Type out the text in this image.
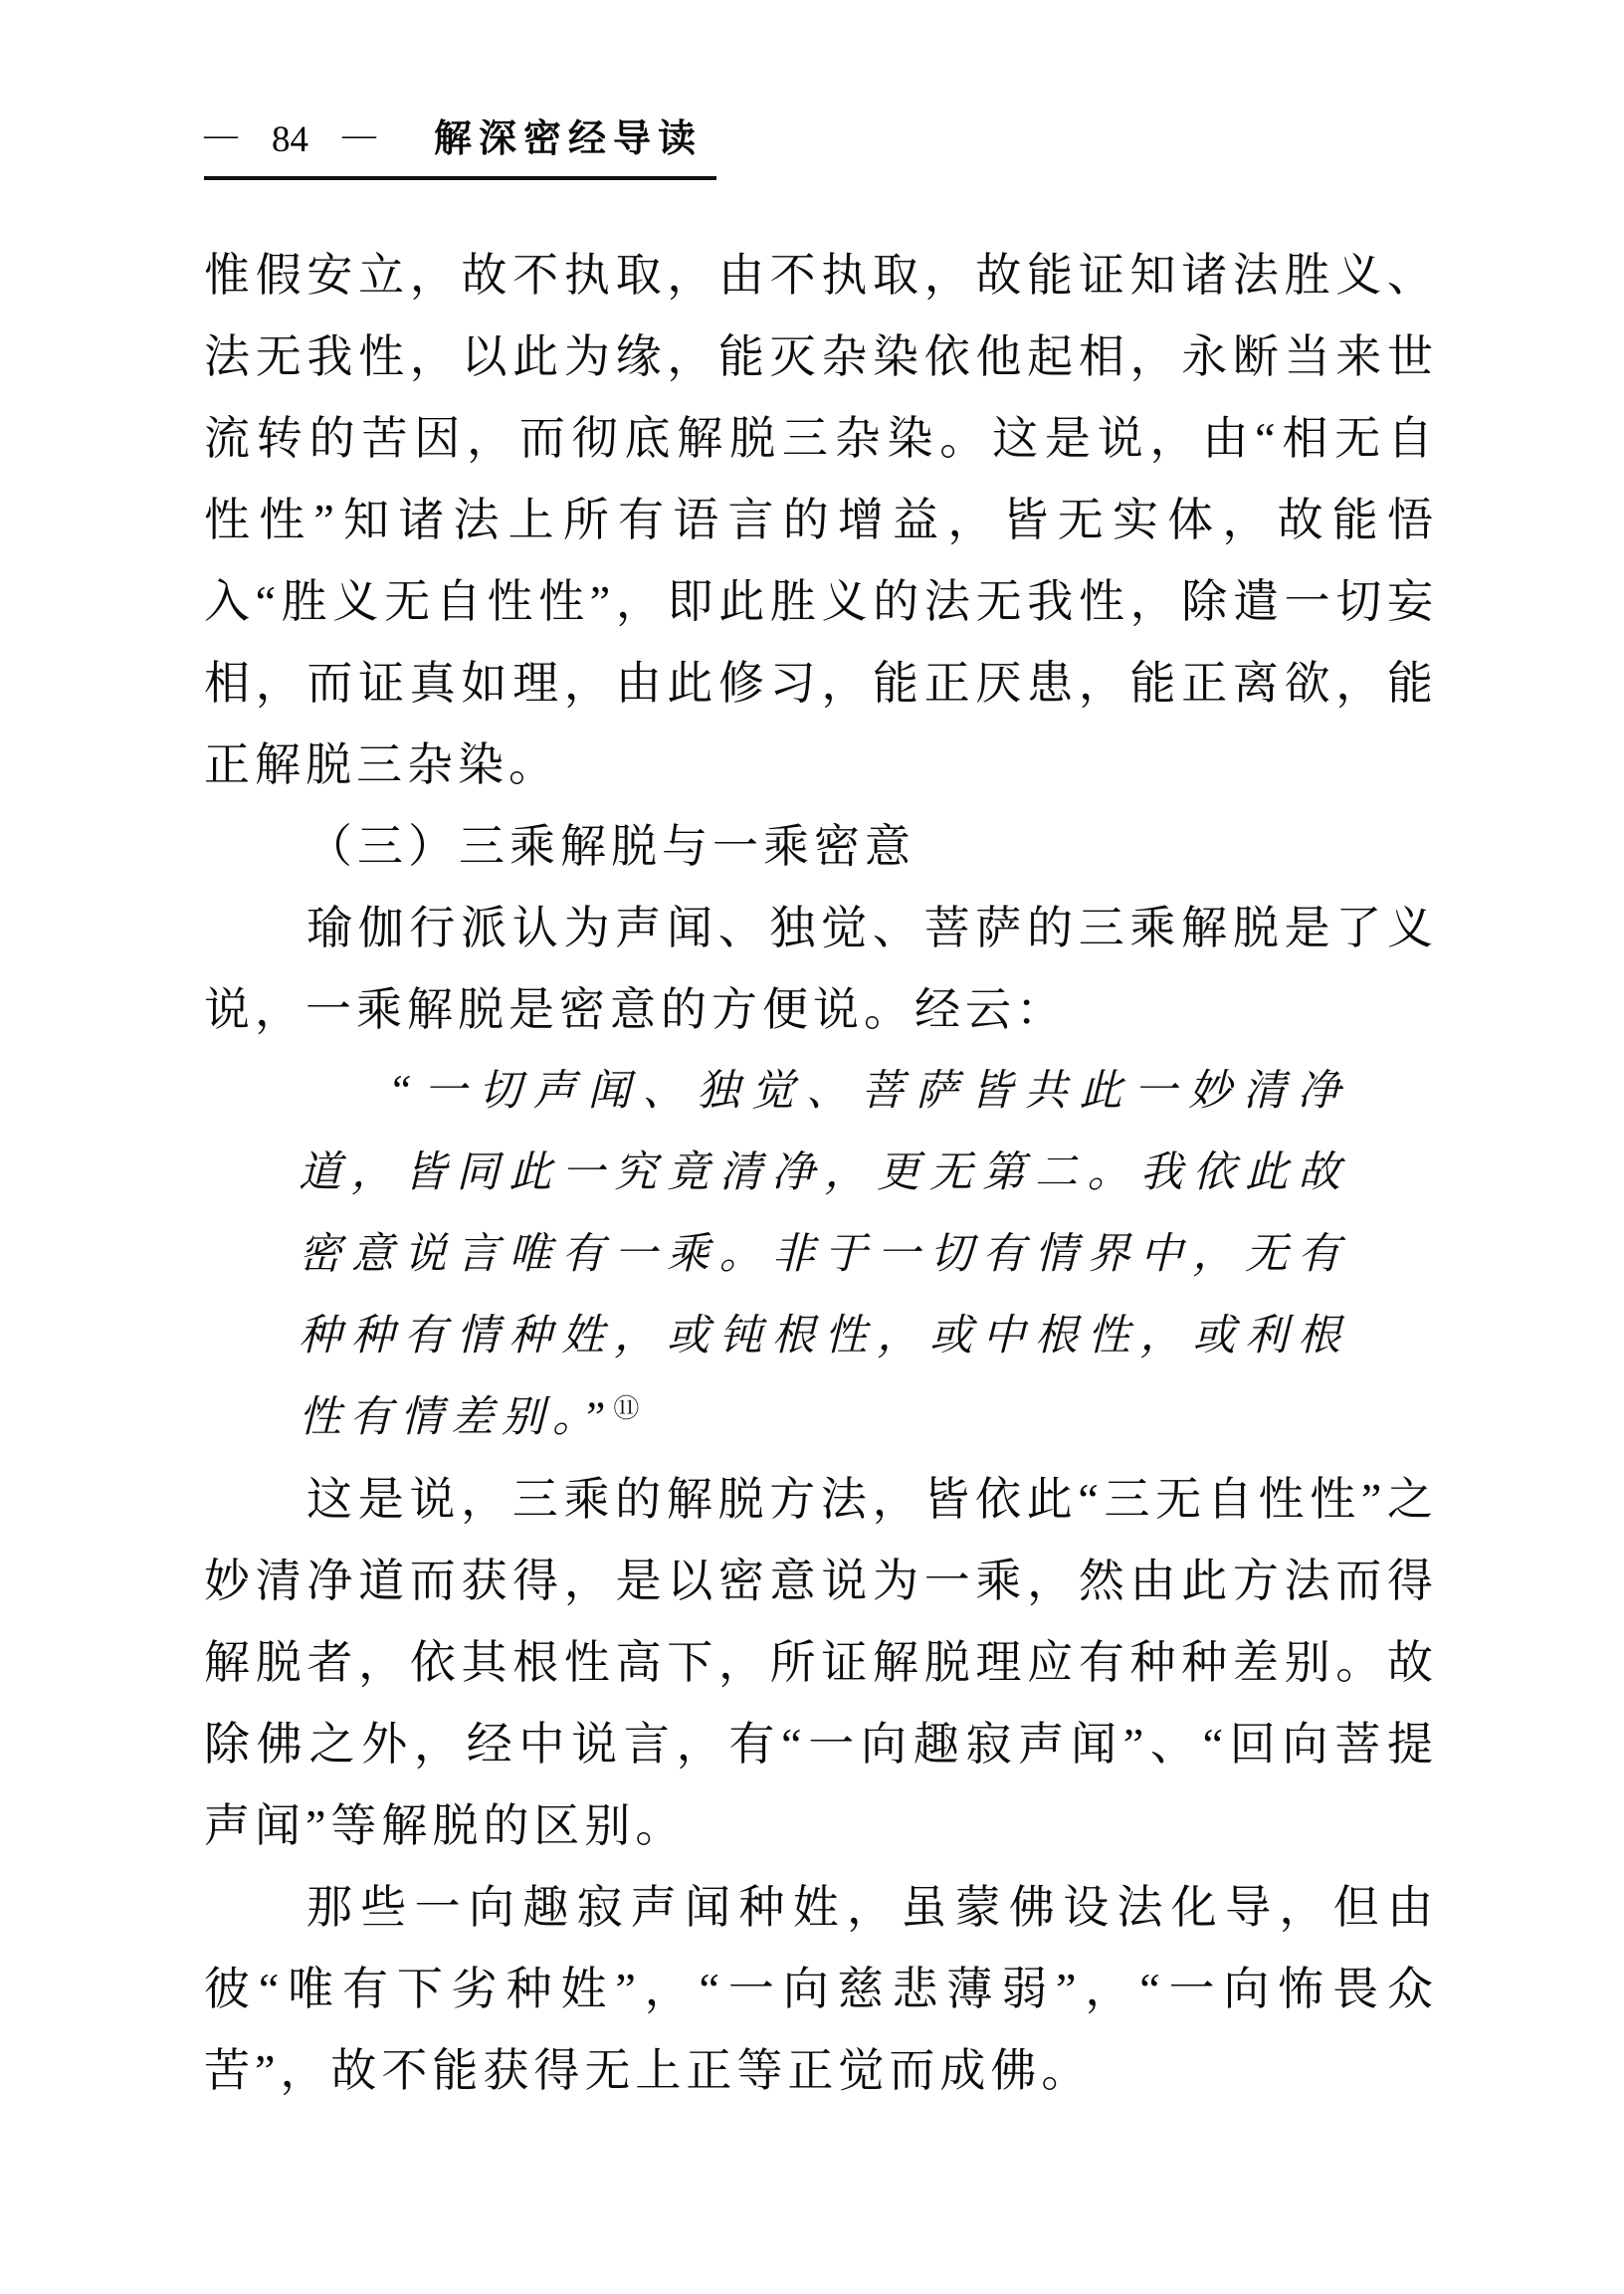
— 84 — 解深密经导读

惟假安立，故不执取，由不执取，故能证知诸法胜义、法无我性，以此为缘，能灭杂染依他起相，永断当来世流转的苦因，而彻底解脱三杂染。这是说，由“相无自性性”知诸法上所有语言的增益，皆无实体，故能悟入“胜义无自性性”，即此胜义的法无我性，除遣一切妄相，而证真如理，由此修习，能正厌患，能正离欲，能正解脱三杂染。

（三）三乘解脱与一乘密意

瑜伽行派认为声闻、独觉、菩萨的三乘解脱是了义说，一乘解脱是密意的方便说。经云：

“一切声闻、独觉、菩萨皆共此一妙清净道，皆同此一究竟清净，更无第二。我依此故密意说言唯有一乘。非于一切有情界中，无有种种有情种姓，或钝根性，或中根性，或利根性有情差别。”⑪

这是说，三乘的解脱方法，皆依此“三无自性性”之妙清净道而获得，是以密意说为一乘，然由此方法而得解脱者，依其根性高下，所证解脱理应有种种差别。故除佛之外，经中说言，有“一向趣寂声闻”、“回向菩提声闻”等解脱的区别。

那些一向趣寂声闻种姓，虽蒙佛设法化导，但由彼“唯有下劣种姓”，“一向慈悲薄弱”，“一向怖畏众苦”，故不能获得无上正等正觉而成佛。
